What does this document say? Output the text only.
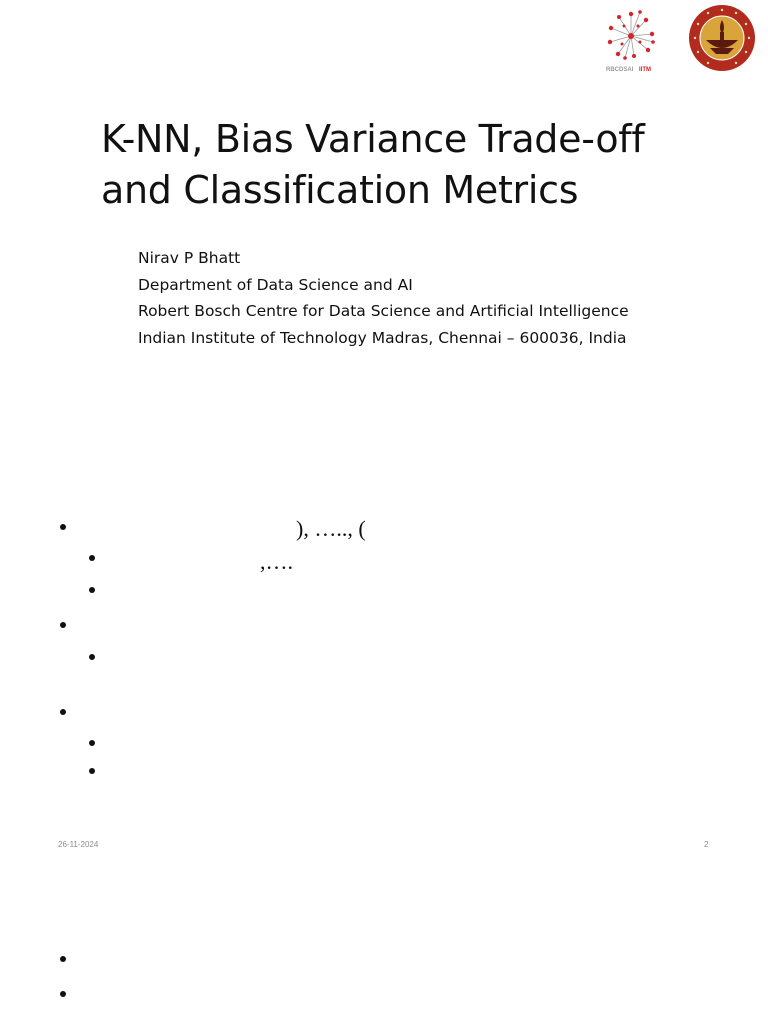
RBCDSAI IITM
K-NN, Bias Variance Trade-off
and Classification Metrics
Nirav P Bhatt
Department of Data Science and AI
Robert Bosch Centre for Data Science and Artificial Intelligence
Indian Institute of Technology Madras, Chennai – 600036, India
), ….., (
,….
26-11-2024	2
